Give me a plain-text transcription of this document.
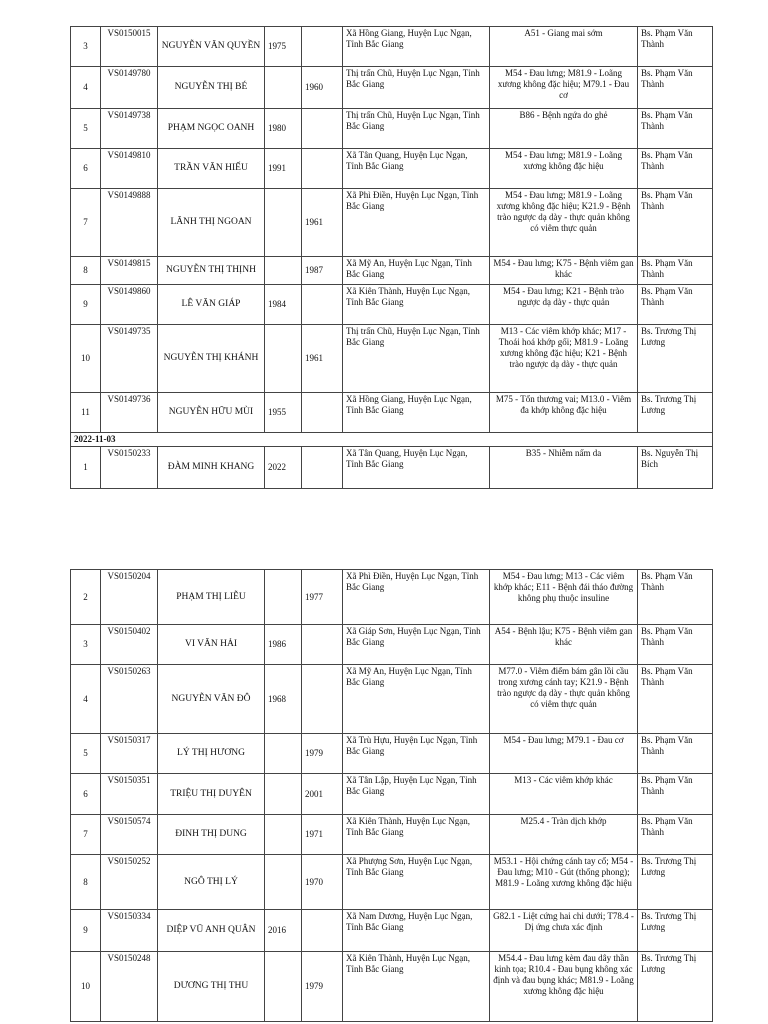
3	VS0150015	NGUYỄN VĂN QUYỀN	1975		Xã Hồng Giang, Huyện Lục Ngạn, Tỉnh Bắc Giang	A51 - Giang mai sớm	Bs. Phạm Văn Thành
4	VS0149780	NGUYỄN THỊ BÉ		1960	Thị trấn Chũ, Huyện Lục Ngạn, Tỉnh Bắc Giang	M54 - Đau lưng; M81.9 - Loãng xương không đặc hiệu; M79.1 - Đau cơ	Bs. Phạm Văn Thành
5	VS0149738	PHẠM NGỌC OANH	1980		Thị trấn Chũ, Huyện Lục Ngạn, Tỉnh Bắc Giang	B86 - Bệnh ngứa do ghẻ	Bs. Phạm Văn Thành
6	VS0149810	TRẦN VĂN HIẾU	1991		Xã Tân Quang, Huyện Lục Ngạn, Tỉnh Bắc Giang	M54 - Đau lưng; M81.9 - Loãng xương không đặc hiệu	Bs. Phạm Văn Thành
7	VS0149888	LÃNH THỊ NGOAN		1961	Xã Phì Điền, Huyện Lục Ngạn, Tỉnh Bắc Giang	M54 - Đau lưng; M81.9 - Loãng xương không đặc hiệu; K21.9 - Bệnh trào ngược dạ dày - thực quản không có viêm thực quản	Bs. Phạm Văn Thành
8	VS0149815	NGUYỄN THỊ THỊNH		1987	Xã Mỹ An, Huyện Lục Ngạn, Tỉnh Bắc Giang	M54 - Đau lưng; K75 - Bệnh viêm gan khác	Bs. Phạm Văn Thành
9	VS0149860	LÊ VĂN GIÁP	1984		Xã Kiên Thành, Huyện Lục Ngạn, Tỉnh Bắc Giang	M54 - Đau lưng; K21 - Bệnh trào ngược dạ dày - thực quản	Bs. Phạm Văn Thành
10	VS0149735	NGUYỄN THỊ KHÁNH		1961	Thị trấn Chũ, Huyện Lục Ngạn, Tỉnh Bắc Giang	M13 - Các viêm khớp khác; M17 - Thoái hoá khớp gối; M81.9 - Loãng xương không đặc hiệu; K21 - Bệnh trào ngược dạ dày - thực quản	Bs. Trương Thị Lương
11	VS0149736	NGUYỄN HỮU MÙI	1955		Xã Hồng Giang, Huyện Lục Ngạn, Tỉnh Bắc Giang	M75 - Tổn thương vai; M13.0 - Viêm đa khớp không đặc hiệu	Bs. Trương Thị Lương
2022-11-03							
1	VS0150233	ĐÀM MINH KHANG	2022		Xã Tân Quang, Huyện Lục Ngạn, Tỉnh Bắc Giang	B35 - Nhiễm nấm da	Bs. Nguyễn Thị Bích
2	VS0150204	PHẠM THỊ LIỄU		1977	Xã Phì Điền, Huyện Lục Ngạn, Tỉnh Bắc Giang	M54 - Đau lưng; M13 - Các viêm khớp khác; E11 - Bệnh đái tháo đường không phụ thuộc insuline	Bs. Phạm Văn Thành
3	VS0150402	VI VĂN HẢI	1986		Xã Giáp Sơn, Huyện Lục Ngạn, Tỉnh Bắc Giang	A54 - Bệnh lậu; K75 - Bệnh viêm gan khác	Bs. Phạm Văn Thành
4	VS0150263	NGUYỄN VĂN ĐÔ	1968		Xã Mỹ An, Huyện Lục Ngạn, Tỉnh Bắc Giang	M77.0 - Viêm điểm bám gân lồi cầu trong xương cánh tay; K21.9 - Bệnh trào ngược dạ dày - thực quản không có viêm thực quản	Bs. Phạm Văn Thành
5	VS0150317	LÝ THỊ HƯƠNG		1979	Xã Trù Hựu, Huyện Lục Ngạn, Tỉnh Bắc Giang	M54 - Đau lưng; M79.1 - Đau cơ	Bs. Phạm Văn Thành
6	VS0150351	TRIỆU THỊ DUYÊN		2001	Xã Tân Lập, Huyện Lục Ngạn, Tỉnh Bắc Giang	M13 - Các viêm khớp khác	Bs. Phạm Văn Thành
7	VS0150574	ĐINH THỊ DUNG		1971	Xã Kiên Thành, Huyện Lục Ngạn, Tỉnh Bắc Giang	M25.4 - Tràn dịch khớp	Bs. Phạm Văn Thành
8	VS0150252	NGÔ THỊ LÝ		1970	Xã Phượng Sơn, Huyện Lục Ngạn, Tỉnh Bắc Giang	M53.1 - Hội chứng cánh tay cổ; M54 - Đau lưng; M10 - Gút (thống phong); M81.9 - Loãng xương không đặc hiệu	Bs. Trương Thị Lương
9	VS0150334	DIỆP VŨ ANH QUÂN	2016		Xã Nam Dương, Huyện Lục Ngạn, Tỉnh Bắc Giang	G82.1 - Liệt cứng hai chi dưới; T78.4 - Dị ứng chưa xác định	Bs. Trương Thị Lương
10	VS0150248	DƯƠNG THỊ THU		1979	Xã Kiên Thành, Huyện Lục Ngạn, Tỉnh Bắc Giang	M54.4 - Đau lưng kèm đau dây thần kinh tọa; R10.4 - Đau bụng không xác định và đau bụng khác; M81.9 - Loãng xương không đặc hiệu	Bs. Trương Thị Lương
